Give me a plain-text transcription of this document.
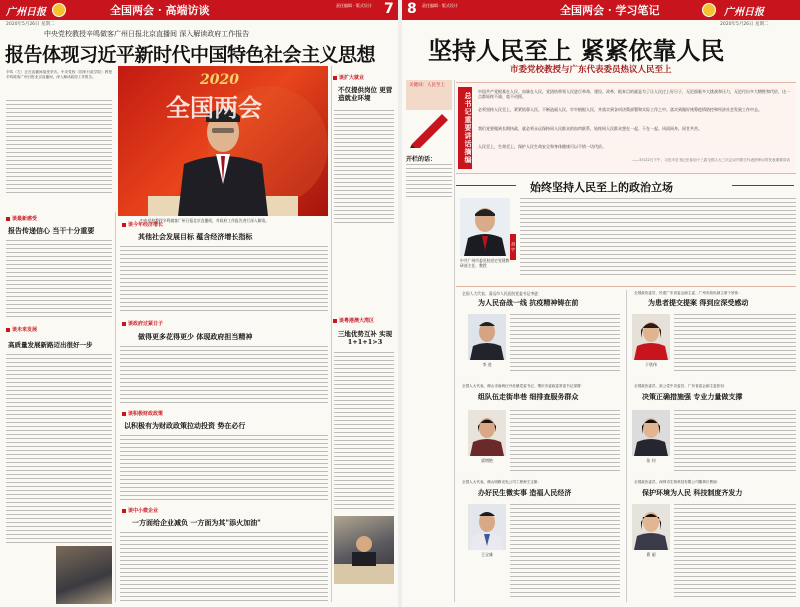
广州日报	全国两会 · 高端访谈	责任编辑 · 版式设计 7
2020年5月26日 星期二
中央党校教授辛鸣做客广州日报北京直播间 深入解读政府工作报告
报告体现习近平新时代中国特色社会主义思想
辛鸣（左）正在直播间接受采访。中央党校（国家行政学院）教授辛鸣做客广州日报北京直播间，深入解读政府工作报告。	2020
全国两会
中央党校教授辛鸣做客广州日报北京直播间，对政府工作报告进行深入解读。
谈扩大就业
不仅提供岗位 更营造就业环境
谈最新感受
报告传递信心 当干十分重要
谈今年经济增长
其他社会发展目标 蕴含经济增长指标
谈粤港澳大湾区
三地优势互补 实现1+1+1>3
谈未来发展
高质量发展新路迈出很好一步
谈政府过紧日子
做得更多花得更少 体现政府担当精神
谈积极财政政策
以积极有为财政政策拉动投资 势在必行
谈中小微企业
一方面给企业减负 一方面为其"添火加油"
8 责任编辑 · 版式设计	全国两会 · 学习笔记	广州日报
2020年5月26日 星期二
坚持人民至上 紧紧依靠人民
市委党校教授与广东代表委员热议人民至上
关键词：人民至上
开栏的话：	总书记重要讲话摘编
中国共产党根基在人民、血脉在人民。党团结带领人民进行革命、建设、改革，根本目的就是为了让人民过上好日子，无论面临多大挑战和压力，无论付出多大牺牲和代价，这一点都始终不渝、毫不动摇。
必须坚持人民至上、紧紧依靠人民、不断造福人民、牢牢植根人民，并落实到各项决策部署和实际工作之中。落实到做好统筹疫情防控和经济社会发展工作中去。
我们党要做到长期执政，就必须永远保持同人民群众的血肉联系，始终同人民群众想在一起、干在一起、风雨同舟、同甘共苦。
人民至上，生命至上，保护人民生命安全和身体健康可以不惜一切代价。
——5月22日下午，习近平总书记在参加十三届全国人大三次会议内蒙古代表团审议时发表重要讲话
始终坚持人民至上的政治立场
中共广州市委党校党史党建教研部主任、教授
胡 宇
全国人大代表、清远市人民医院党委书记李进：
为人民奋战一线 抗疫精神铸在前
李 进
全国政协委员、民建广东省委会副主委、广州市政协副主席于欣伟：
为患者提交提案 得到应深受感动
于欣伟
全国人大代表、佛山市南海区丹灶镇党委书记、肇庆市委政委常委书记梁增：
组队伍走街串巷 细排查服务群众
梁增艳
全国政协委员、致公党中央委员、广东省委会副主委张钊：
决策正确措施强 专业力量做支撑
张 钊
全国人大代表、佛山明路光电公司工程师王宝雄：
办好民生微实事 造福人民经济
王宝雄
全国政协委员、深圳市生物科技有限公司董事长曹丽：
保护环境为人民 科技制度齐发力
曹 丽
